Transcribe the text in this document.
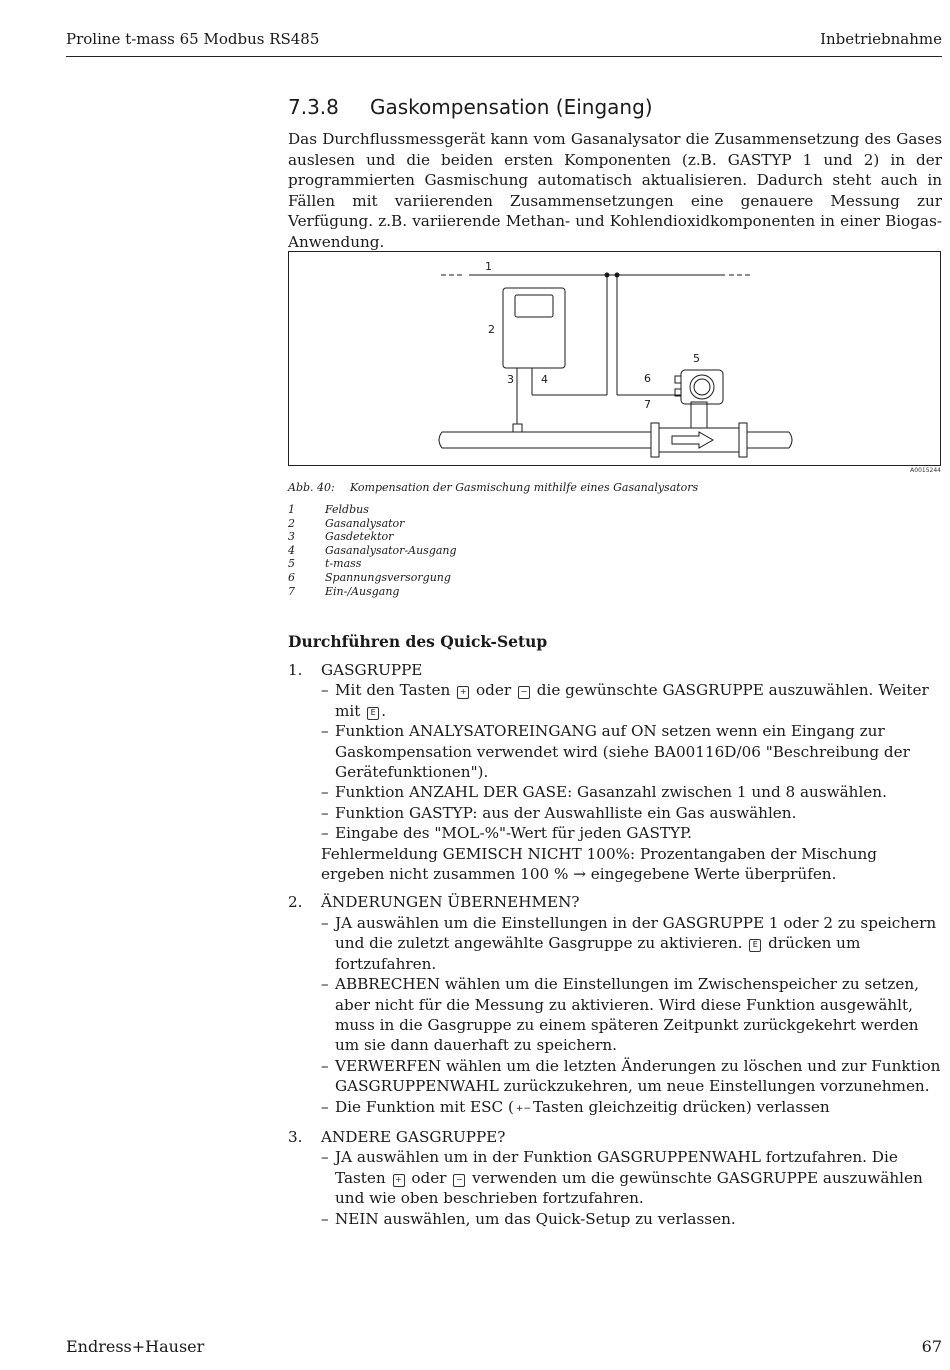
Proline t-mass 65 Modbus RS485	Inbetriebnahme
7.3.8 Gaskompensation (Eingang)
Das Durchflussmessgerät kann vom Gasanalysator die Zusammensetzung des Gases auslesen und die beiden ersten Komponenten (z.B. GASTYP 1 und 2) in der programmierten Gasmischung automatisch aktualisieren. Dadurch steht auch in Fällen mit variierenden Zusammensetzungen eine genauere Messung zur Verfügung. z.B. variierende Methan- und Kohlendioxidkomponenten in einer Biogas-Anwendung.
1
2
3 4
5
6
7
A0015244
Abb. 40: Kompensation der Gasmischung mithilfe eines Gasanalysators
1	Feldbus
2	Gasanalysator
3	Gasdetektor
4	Gasanalysator-Ausgang
5	t-mass
6	Spannungsversorgung
7	Ein-/Ausgang
Durchführen des Quick-Setup
1. GASGRUPPE
– Mit den Tasten + oder − die gewünschte GASGRUPPE auszuwählen. Weiter mit E .
– Funktion ANALYSATOREINGANG auf ON setzen wenn ein Eingang zur Gaskompensation verwendet wird (siehe BA00116D/06 "Beschreibung der Gerätefunktionen").
– Funktion ANZAHL DER GASE: Gasanzahl zwischen 1 und 8 auswählen.
– Funktion GASTYP: aus der Auswahlliste ein Gas auswählen.
– Eingabe des "MOL-%"-Wert für jeden GASTYP.
Fehlermeldung GEMISCH NICHT 100%: Prozentangaben der Mischung ergeben nicht zusammen 100 % → eingegebene Werte überprüfen.
2. ÄNDERUNGEN ÜBERNEHMEN?
– JA auswählen um die Einstellungen in der GASGRUPPE 1 oder 2 zu speichern und die zuletzt angewählte Gasgruppe zu aktivieren. E drücken um fortzufahren.
– ABBRECHEN wählen um die Einstellungen im Zwischenspeicher zu setzen, aber nicht für die Messung zu aktivieren. Wird diese Funktion ausgewählt, muss in die Gasgruppe zu einem späteren Zeitpunkt zurückgekehrt werden um sie dann dauerhaft zu speichern.
– VERWERFEN wählen um die letzten Änderungen zu löschen und zur Funktion GASGRUPPENWAHL zurückzukehren, um neue Einstellungen vorzunehmen.
– Die Funktion mit ESC ( +− Tasten gleichzeitig drücken) verlassen
3. ANDERE GASGRUPPE?
– JA auswählen um in der Funktion GASGRUPPENWAHL fortzufahren. Die Tasten + oder − verwenden um die gewünschte GASGRUPPE auszuwählen und wie oben beschrieben fortzufahren.
– NEIN auswählen, um das Quick-Setup zu verlassen.
Endress+Hauser	67
